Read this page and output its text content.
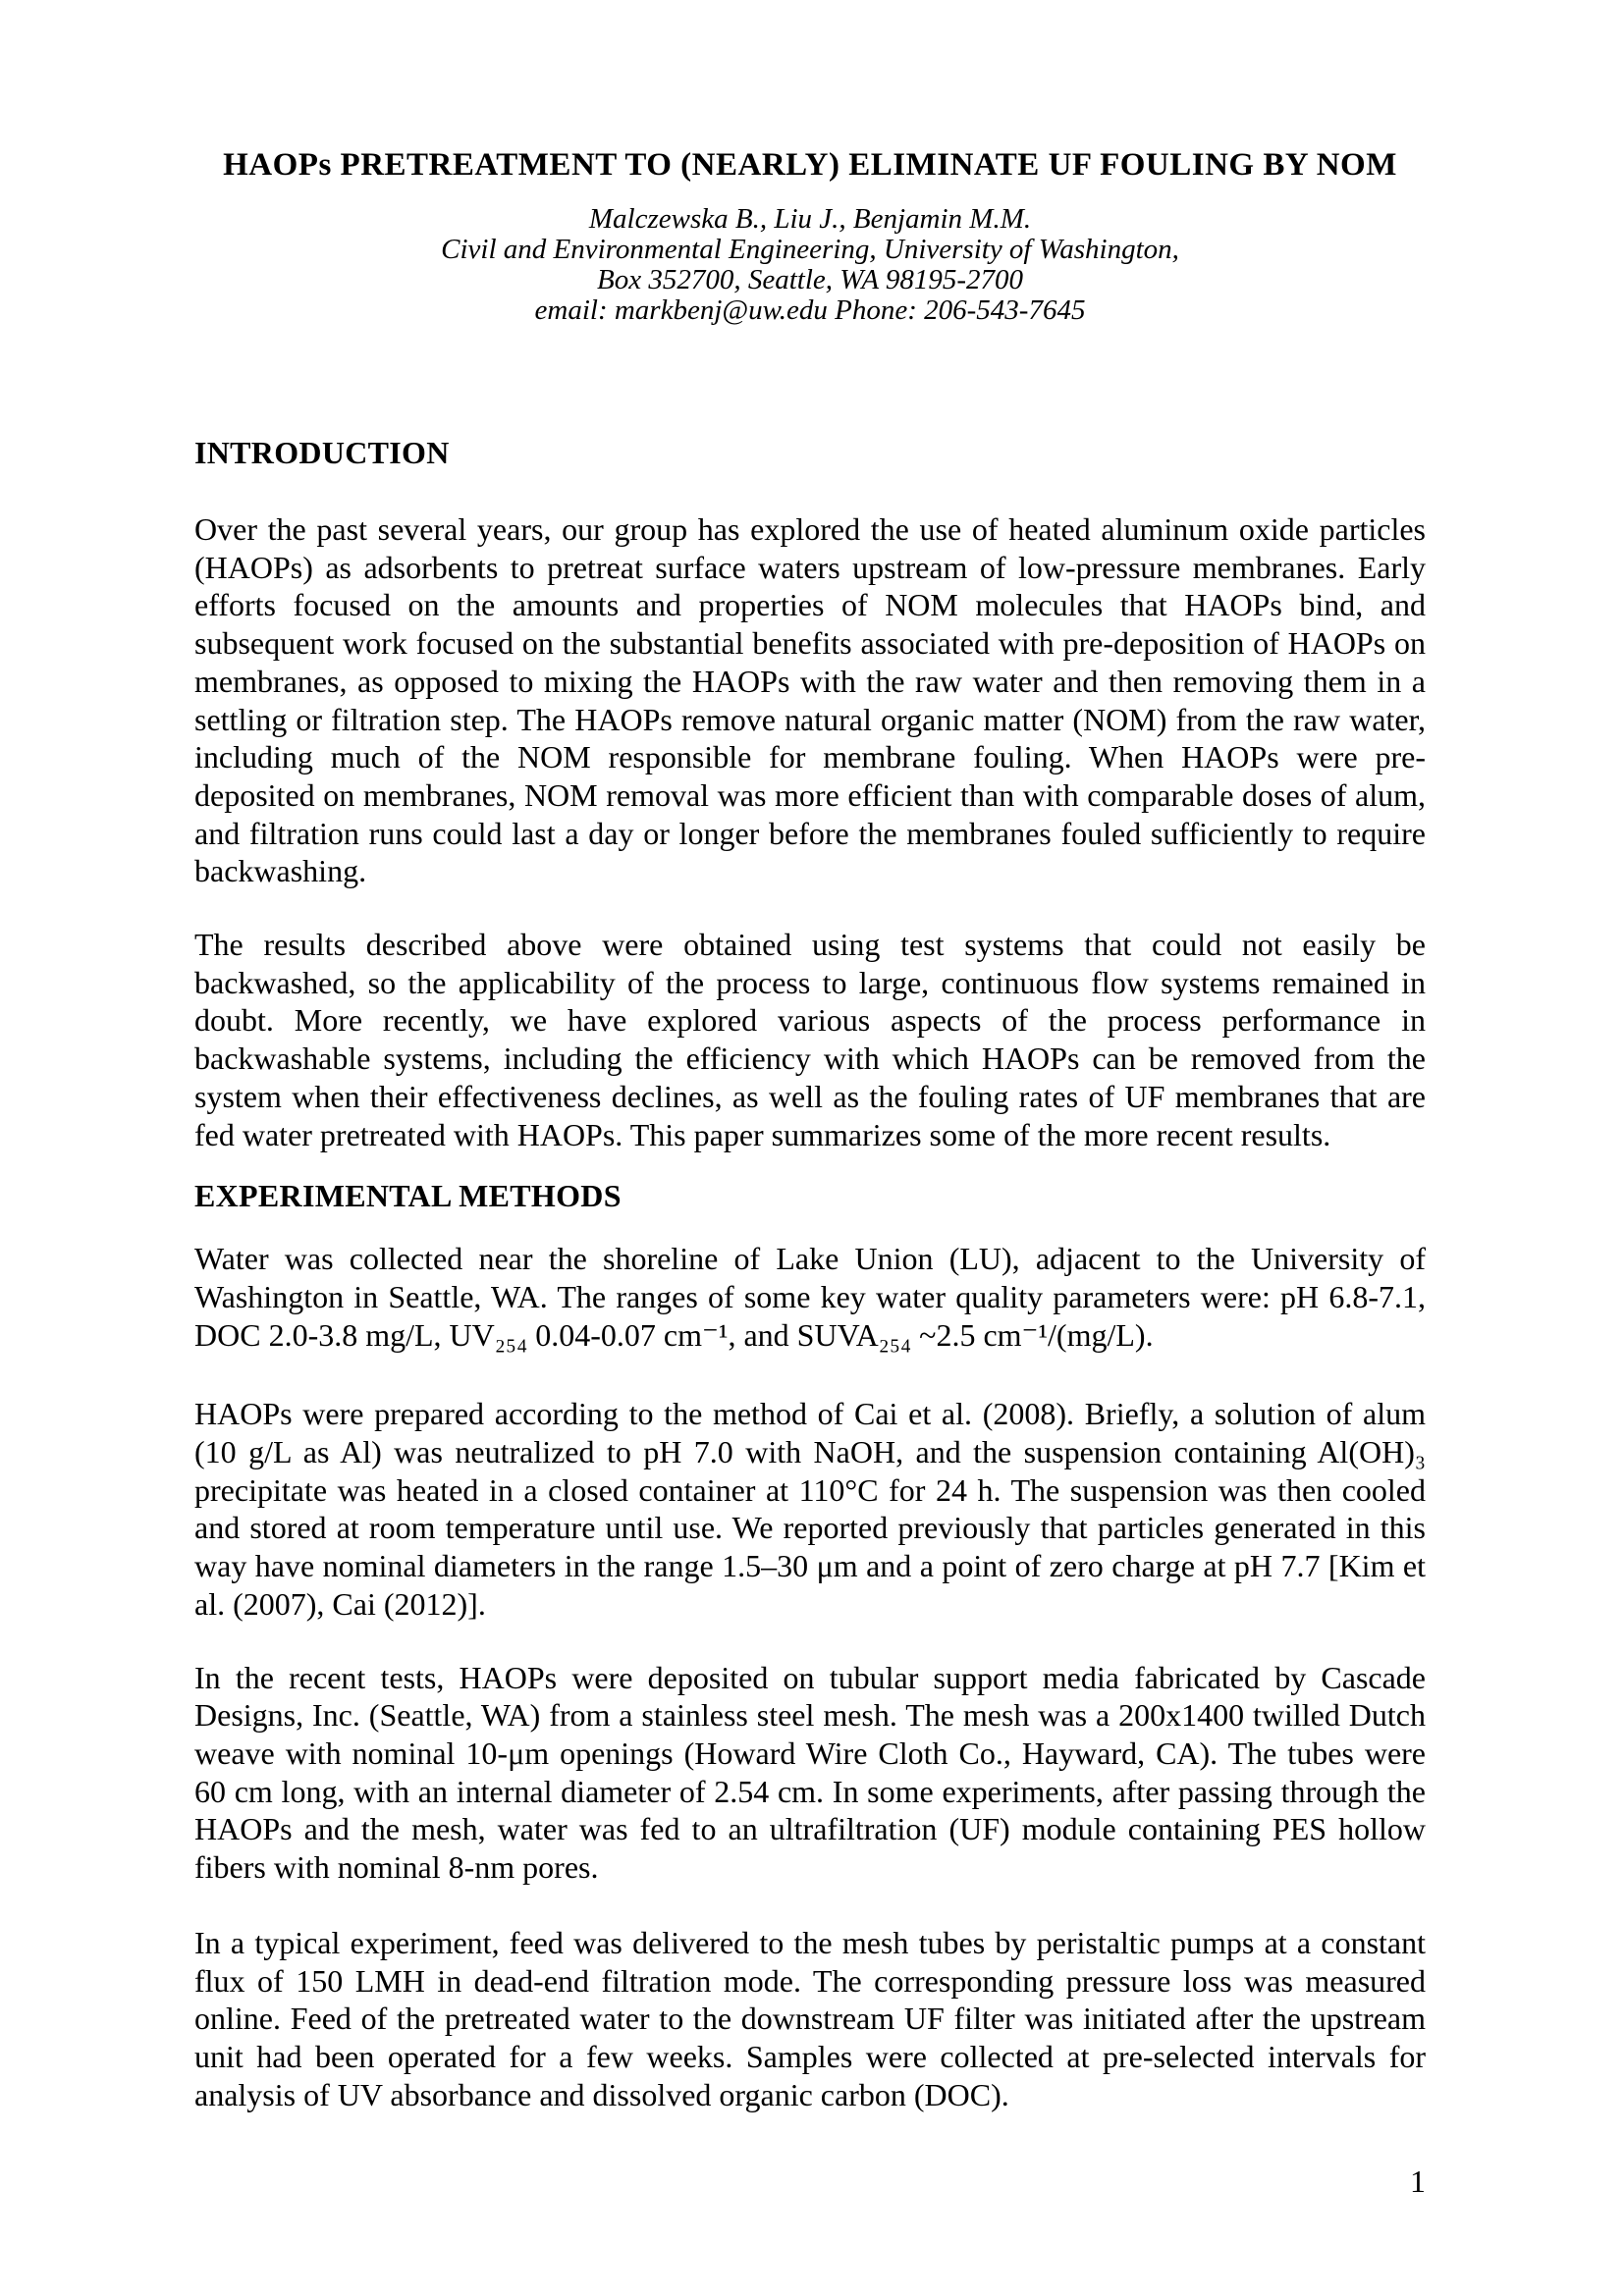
HAOPs PRETREATMENT TO (NEARLY) ELIMINATE UF FOULING BY NOM

Malczewska B., Liu J., Benjamin M.M.

Civil and Environmental Engineering, University of Washington,

Box 352700, Seattle, WA 98195-2700

email: markbenj@uw.edu Phone: 206-543-7645

INTRODUCTION

Over the past several years, our group has explored the use of heated aluminum oxide particles (HAOPs) as adsorbents to pretreat surface waters upstream of low-pressure membranes. Early efforts focused on the amounts and properties of NOM molecules that HAOPs bind, and subsequent work focused on the substantial benefits associated with pre-deposition of HAOPs on membranes, as opposed to mixing the HAOPs with the raw water and then removing them in a settling or filtration step. The HAOPs remove natural organic matter (NOM) from the raw water, including much of the NOM responsible for membrane fouling. When HAOPs were pre-deposited on membranes, NOM removal was more efficient than with comparable doses of alum, and filtration runs could last a day or longer before the membranes fouled sufficiently to require backwashing.

The results described above were obtained using test systems that could not easily be backwashed, so the applicability of the process to large, continuous flow systems remained in doubt. More recently, we have explored various aspects of the process performance in backwashable systems, including the efficiency with which HAOPs can be removed from the system when their effectiveness declines, as well as the fouling rates of UF membranes that are fed water pretreated with HAOPs. This paper summarizes some of the more recent results.

EXPERIMENTAL METHODS

Water was collected near the shoreline of Lake Union (LU), adjacent to the University of Washington in Seattle, WA. The ranges of some key water quality parameters were: pH 6.8-7.1, DOC 2.0-3.8 mg/L, UV₂₅₄ 0.04-0.07 cm⁻¹, and SUVA₂₅₄ ~2.5 cm⁻¹/(mg/L).

HAOPs were prepared according to the method of Cai et al. (2008). Briefly, a solution of alum (10 g/L as Al) was neutralized to pH 7.0 with NaOH, and the suspension containing Al(OH)₃ precipitate was heated in a closed container at 110°C for 24 h. The suspension was then cooled and stored at room temperature until use. We reported previously that particles generated in this way have nominal diameters in the range 1.5–30 μm and a point of zero charge at pH 7.7 [Kim et al. (2007), Cai (2012)].

In the recent tests, HAOPs were deposited on tubular support media fabricated by Cascade Designs, Inc. (Seattle, WA) from a stainless steel mesh. The mesh was a 200x1400 twilled Dutch weave with nominal 10-μm openings (Howard Wire Cloth Co., Hayward, CA). The tubes were 60 cm long, with an internal diameter of 2.54 cm. In some experiments, after passing through the HAOPs and the mesh, water was fed to an ultrafiltration (UF) module containing PES hollow fibers with nominal 8-nm pores.

In a typical experiment, feed was delivered to the mesh tubes by peristaltic pumps at a constant flux of 150 LMH in dead-end filtration mode. The corresponding pressure loss was measured online. Feed of the pretreated water to the downstream UF filter was initiated after the upstream unit had been operated for a few weeks. Samples were collected at pre-selected intervals for analysis of UV absorbance and dissolved organic carbon (DOC).

1
